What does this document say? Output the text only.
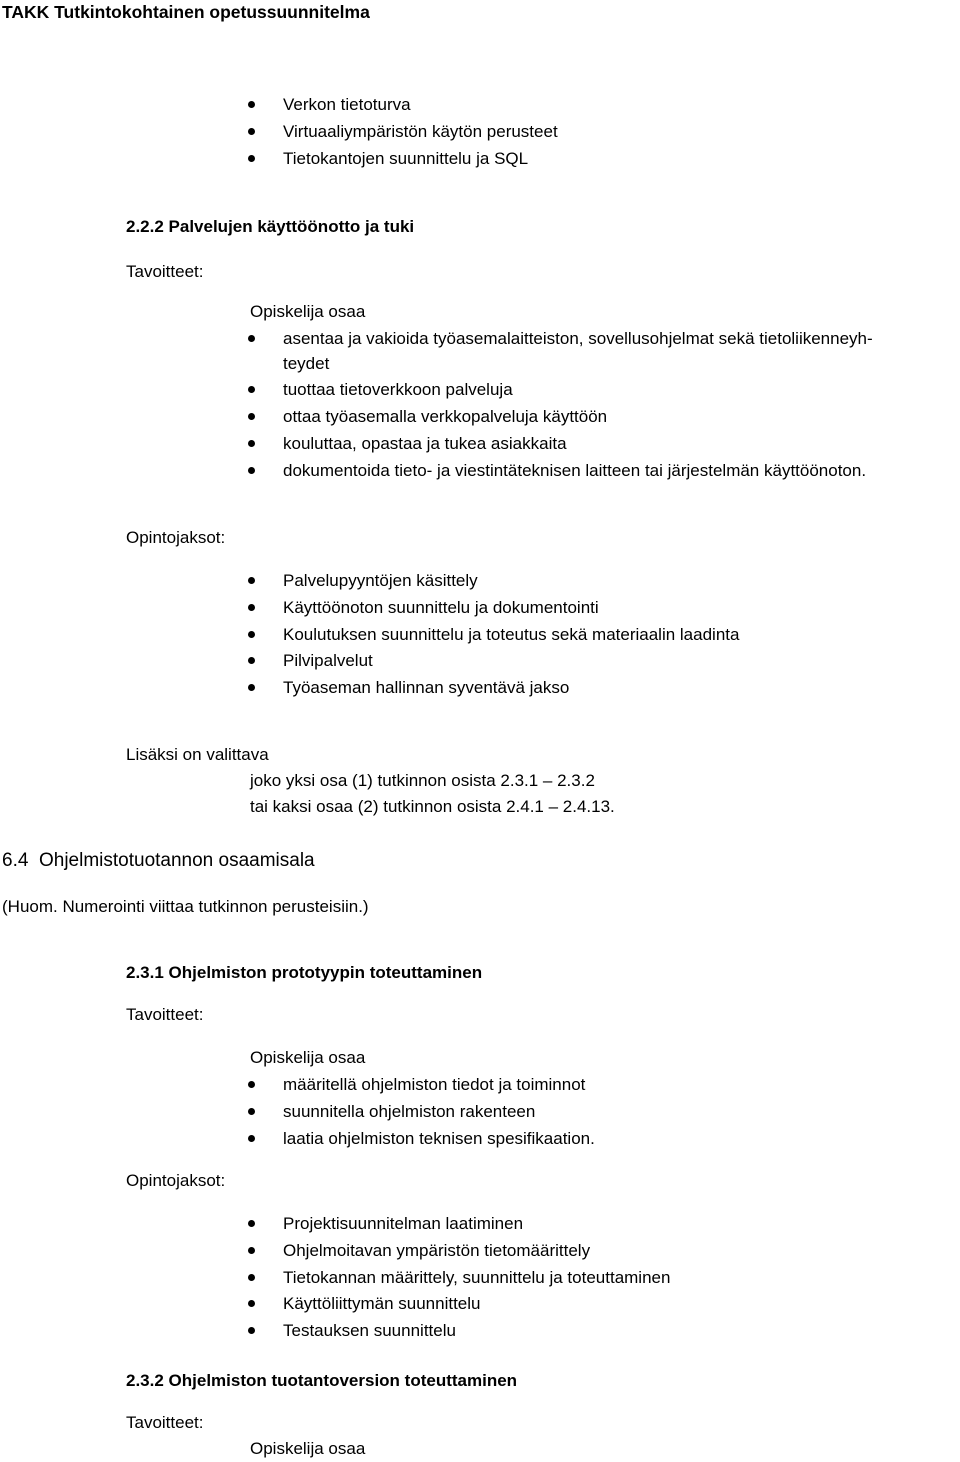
TAKK Tutkintokohtainen opetussuunnitelma
Verkon tietoturva
Virtuaaliympäristön käytön perusteet
Tietokantojen suunnittelu ja SQL
2.2.2 Palvelujen käyttöönotto ja tuki
Tavoitteet:
Opiskelija osaa
asentaa ja vakioida työasemalaitteiston, sovellusohjelmat sekä tietoliikenneyh-
teydet
tuottaa tietoverkkoon palveluja
ottaa työasemalla verkkopalveluja käyttöön
kouluttaa, opastaa ja tukea asiakkaita
dokumentoida tieto- ja viestintäteknisen laitteen tai järjestelmän käyttöönoton.
Opintojaksot:
Palvelupyyntöjen käsittely
Käyttöönoton suunnittelu ja dokumentointi
Koulutuksen suunnittelu ja toteutus sekä materiaalin laadinta
Pilvipalvelut
Työaseman hallinnan syventävä jakso
Lisäksi on valittava
joko yksi osa (1) tutkinnon osista 2.3.1 – 2.3.2
tai kaksi osaa (2) tutkinnon osista 2.4.1 – 2.4.13.
6.4  Ohjelmistotuotannon osaamisala
(Huom. Numerointi viittaa tutkinnon perusteisiin.)
2.3.1 Ohjelmiston prototyypin toteuttaminen
Tavoitteet:
Opiskelija osaa
määritellä ohjelmiston tiedot ja toiminnot
suunnitella ohjelmiston rakenteen
laatia ohjelmiston teknisen spesifikaation.
Opintojaksot:
Projektisuunnitelman laatiminen
Ohjelmoitavan ympäristön tietomäärittely
Tietokannan määrittely, suunnittelu ja toteuttaminen
Käyttöliittymän suunnittelu
Testauksen suunnittelu
2.3.2 Ohjelmiston tuotantoversion toteuttaminen
Tavoitteet:
Opiskelija osaa
